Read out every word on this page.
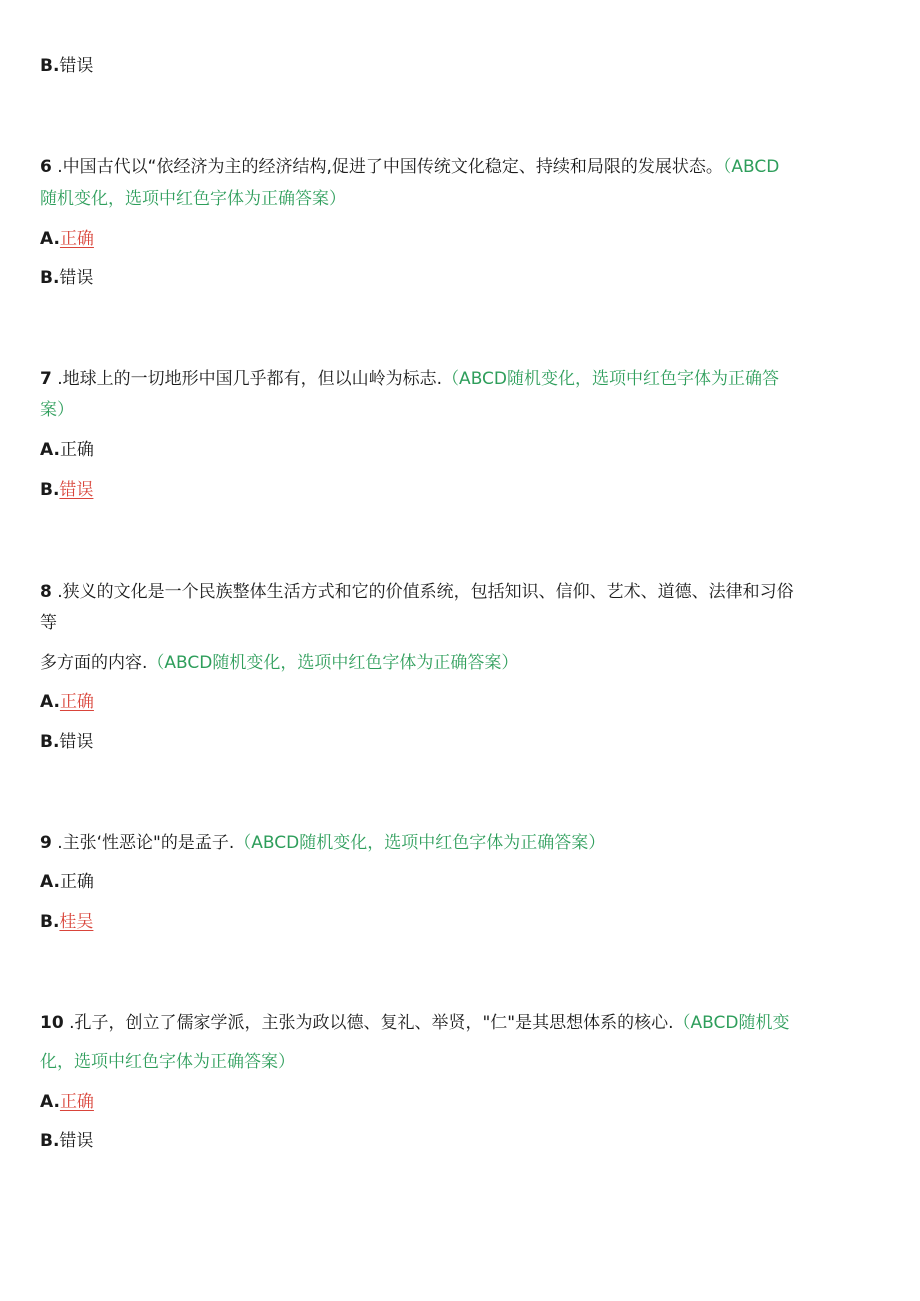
B.错误
6 .中国古代以“依经济为主的经济结构,促进了中国传统文化稳定、持续和局限的发展状态。（ABCD
随机变化，选项中红色字体为正确答案）
A.正确
B.错误
7 .地球上的一切地形中国几乎都有，但以山岭为标志.（ABCD随机变化，选项中红色字体为正确答
案）
A.正确
B.错误
8 .狭义的文化是一个民族整体生活方式和它的价值系统，包括知识、信仰、艺术、道德、法律和习俗
等
多方面的内容.（ABCD随机变化，选项中红色字体为正确答案）
A.正确
B.错误
9 .主张‘性恶论"的是孟子.（ABCD随机变化，选项中红色字体为正确答案）
A.正确
B.桂吴
10 .孔子，创立了儒家学派，主张为政以德、复礼、举贤，"仁"是其思想体系的核心.（ABCD随机变
化，选项中红色字体为正确答案）
A.正确
B.错误
